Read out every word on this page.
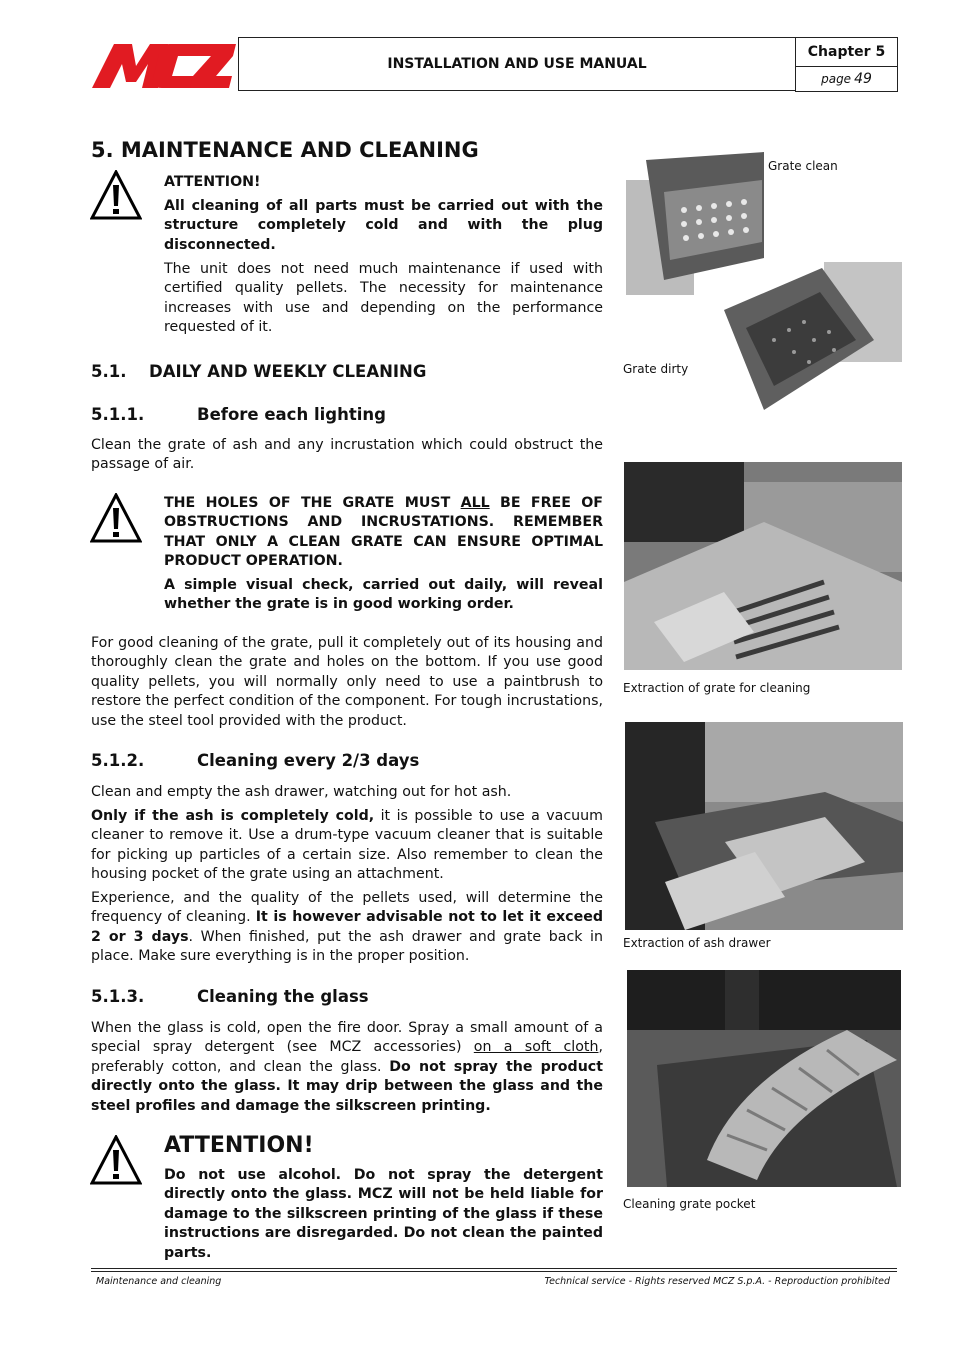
INSTALLATION AND USE MANUAL
Chapter 5
page 49
5. MAINTENANCE AND CLEANING

ATTENTION!

All cleaning of all parts must be carried out with the structure completely cold and with the plug disconnected.

The unit does not need much maintenance if used with certified quality pellets. The necessity for maintenance increases with use and depending on the performance requested of it.

5.1. DAILY AND WEEKLY CLEANING
5.1.1.	Before each lighting

Clean the grate of ash and any incrustation which could obstruct the passage of air.

THE HOLES OF THE GRATE MUST ALL BE FREE OF OBSTRUCTIONS AND INCRUSTATIONS. REMEMBER THAT ONLY A CLEAN GRATE CAN ENSURE OPTIMAL PRODUCT OPERATION.

A simple visual check, carried out daily, will reveal whether the grate is in good working order.

For good cleaning of the grate, pull it completely out of its housing and thoroughly clean the grate and holes on the bottom. If you use good quality pellets, you will normally only need to use a paintbrush to restore the perfect condition of the component. For tough incrustations, use the steel tool provided with the product.

5.1.2.	Cleaning every 2/3 days

Clean and empty the ash drawer, watching out for hot ash.

Only if the ash is completely cold, it is possible to use a vacuum cleaner to remove it. Use a drum-type vacuum cleaner that is suitable for picking up particles of a certain size. Also remember to clean the housing pocket of the grate using an attachment.

Experience, and the quality of the pellets used, will determine the frequency of cleaning. It is however advisable not to let it exceed 2 or 3 days. When finished, put the ash drawer and grate back in place. Make sure everything is in the proper position.

5.1.3.	Cleaning the glass

When the glass is cold, open the fire door. Spray a small amount of a special spray detergent (see MCZ accessories) on a soft cloth, preferably cotton, and clean the glass. Do not spray the product directly onto the glass. It may drip between the glass and the steel profiles and damage the silkscreen printing.

ATTENTION!

Do not use alcohol. Do not spray the detergent directly onto the glass. MCZ will not be held liable for damage to the silkscreen printing of the glass if these instructions are disregarded. Do not clean the painted parts.

Grate clean
Grate dirty
Extraction of grate for cleaning
Extraction of ash drawer
Cleaning grate pocket
Maintenance and cleaning	Technical service - Rights reserved MCZ S.p.A. - Reproduction prohibited
